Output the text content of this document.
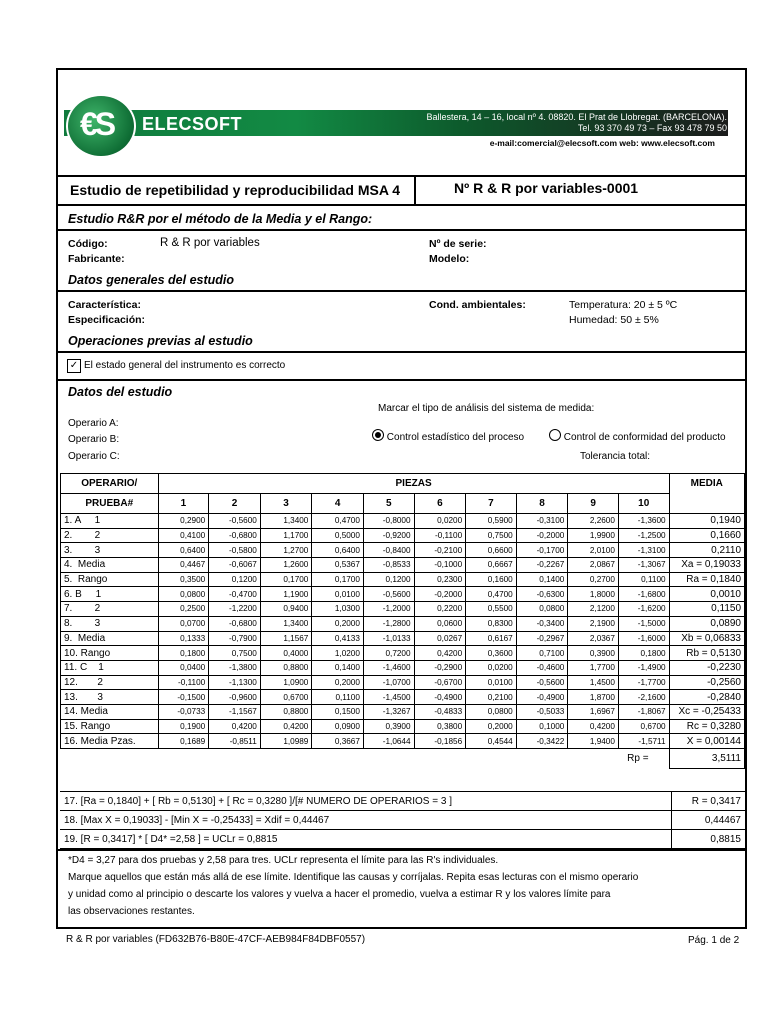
€S ELECSOFT	Ballestera, 14 – 16, local nº 4. 08820. El Prat de Llobregat. (BARCELONA).
Tel. 93 370 49 73 – Fax 93 478 79 50
e-mail:comercial@elecsoft.com web: www.elecsoft.com
Estudio de repetibilidad y reproducibilidad MSA 4	Nº R & R por variables-0001
Estudio R&R por el método de la Media y el Rango:
Código:	R & R por variables
Fabricante:
Nº de serie:
Modelo:
Datos generales del estudio
Característica:
Especificación:
Cond. ambientales:	Temperatura: 20 ± 5 ºC
Humedad: 50 ± 5%
Operaciones previas al estudio
✓ El estado general del instrumento es correcto
Datos del estudio
Marcar el tipo de análisis del sistema de medida:
Operario A:
Operario B:
Operario C:
Control estadístico del proceso	Control de conformidad del producto
Tolerancia total:
OPERARIO/	PIEZAS										MEDIA
PRUEBA#	1	2	3	4	5	6	7	8	9	10	
1. A     1	0,2900	-0,5600	1,3400	0,4700	-0,8000	0,0200	0,5900	-0,3100	2,2600	-1,3600	0,1940
2.        2	0,4100	-0,6800	1,1700	0,5000	-0,9200	-0,1100	0,7500	-0,2000	1,9900	-1,2500	0,1660
3.        3	0,6400	-0,5800	1,2700	0,6400	-0,8400	-0,2100	0,6600	-0,1700	2,0100	-1,3100	0,2110
4.  Media	0,4467	-0,6067	1,2600	0,5367	-0,8533	-0,1000	0,6667	-0,2267	2,0867	-1,3067	Xa = 0,19033
5.  Rango	0,3500	0,1200	0,1700	0,1700	0,1200	0,2300	0,1600	0,1400	0,2700	0,1100	Ra = 0,1840
6. B     1	0,0800	-0,4700	1,1900	0,0100	-0,5600	-0,2000	0,4700	-0,6300	1,8000	-1,6800	0,0010
7.        2	0,2500	-1,2200	0,9400	1,0300	-1,2000	0,2200	0,5500	0,0800	2,1200	-1,6200	0,1150
8.        3	0,0700	-0,6800	1,3400	0,2000	-1,2800	0,0600	0,8300	-0,3400	2,1900	-1,5000	0,0890
9.  Media	0,1333	-0,7900	1,1567	0,4133	-1,0133	0,0267	0,6167	-0,2967	2,0367	-1,6000	Xb = 0,06833
10. Rango	0,1800	0,7500	0,4000	1,0200	0,7200	0,4200	0,3600	0,7100	0,3900	0,1800	Rb = 0,5130
11. C    1	0,0400	-1,3800	0,8800	0,1400	-1,4600	-0,2900	0,0200	-0,4600	1,7700	-1,4900	-0,2230
12.       2	-0,1100	-1,1300	1,0900	0,2000	-1,0700	-0,6700	0,0100	-0,5600	1,4500	-1,7700	-0,2560
13.       3	-0,1500	-0,9600	0,6700	0,1100	-1,4500	-0,4900	0,2100	-0,4900	1,8700	-2,1600	-0,2840
14. Media	-0,0733	-1,1567	0,8800	0,1500	-1,3267	-0,4833	0,0800	-0,5033	1,6967	-1,8067	Xc = -0,25433
15. Rango	0,1900	0,4200	0,4200	0,0900	0,3900	0,3800	0,2000	0,1000	0,4200	0,6700	Rc = 0,3280
16. Media Pzas.	0,1689	-0,8511	1,0989	0,3667	-1,0644	-0,1856	0,4544	-0,3422	1,9400	-1,5711	X = 0,00144
Rp =											3,5111
17. [Ra = 0,1840] + [ Rb = 0,5130] + [ Rc = 0,3280 ]/[# NUMERO DE OPERARIOS = 3 ]	R = 0,3417
18. [Max X = 0,19033] - [Min X = -0,25433] = Xdif = 0,44467	0,44467
19. [R = 0,3417] * [ D4* =2,58 ] = UCLr = 0,8815	0,8815
*D4 = 3,27 para dos pruebas y 2,58 para tres. UCLr representa el límite para las R's individuales.
Marque aquellos que están más allá de ese límite. Identifique las causas y corríjalas. Repita esas lecturas con el mismo operario
y unidad como al principio o descarte los valores y vuelva a hacer el promedio, vuelva a estimar R y los valores límite para
las observaciones restantes.
R & R por variables (FD632B76-B80E-47CF-AEB984F84DBF0557)	Pág. 1 de 2
